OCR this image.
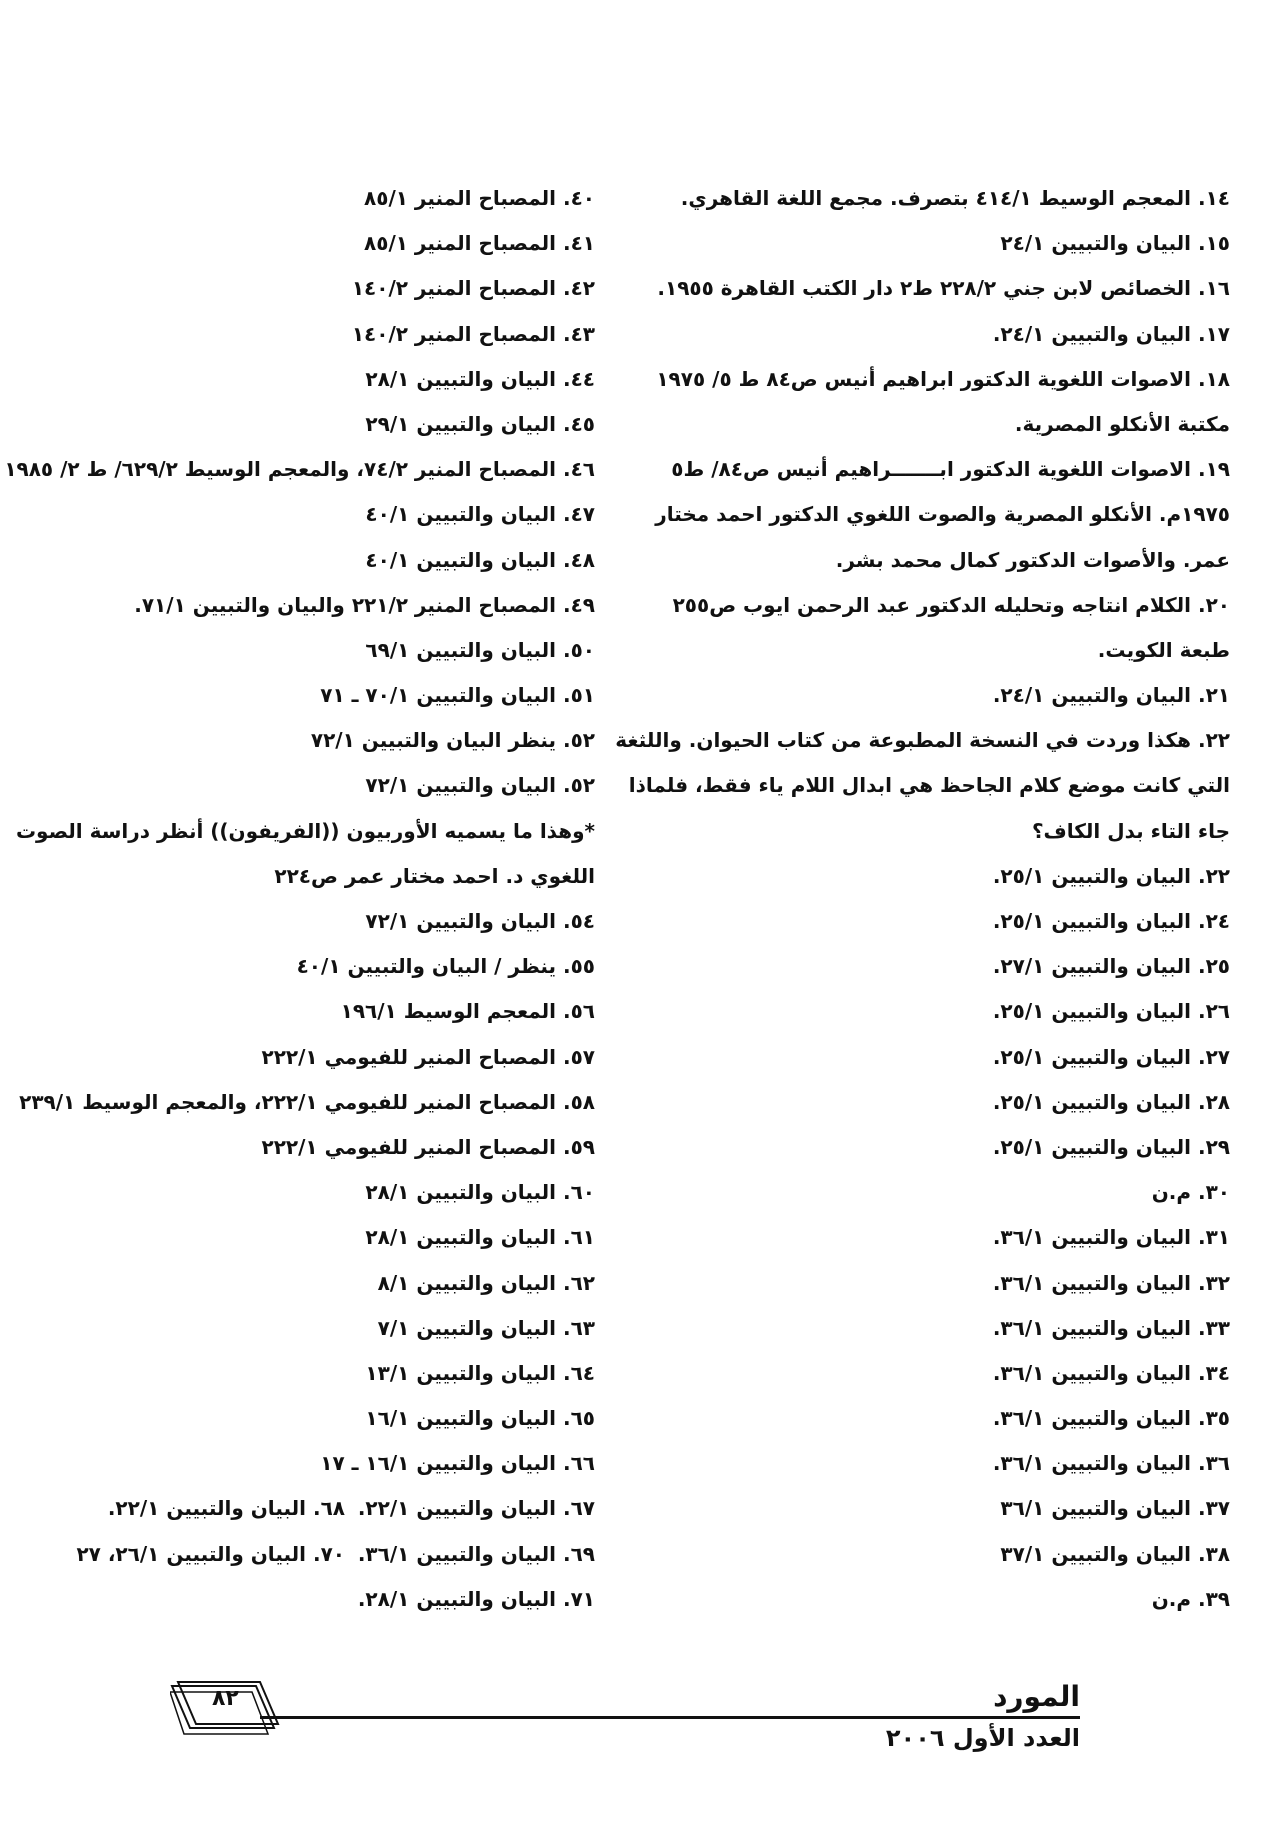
١٤. المعجم الوسيط ٤١٤/١ بتصرف. مجمع اللغة القاهري.
١٥. البيان والتبيين ٢٤/١
١٦. الخصائص لابن جني ٢٢٨/٢ ط٢ دار الكتب القاهرة ١٩٥٥.
١٧. البيان والتبيين ٢٤/١.
١٨. الاصوات اللغوية الدكتور ابراهيم أنيس ص٨٤ ط ٥/ ١٩٧٥
مكتبة الأنكلو المصرية.
١٩. الاصوات اللغوية الدكتور ابـــــــراهيم أنيس ص٨٤/ ط٥
١٩٧٥م. الأنكلو المصرية والصوت اللغوي الدكتور احمد مختار
عمر. والأصوات الدكتور كمال محمد بشر.
٢٠. الكلام انتاجه وتحليله الدكتور عبد الرحمن ايوب ص٢٥٥
طبعة الكويت.
٢١. البيان والتبيين ٢٤/١.
٢٢. هكذا وردت في النسخة المطبوعة من كتاب الحيوان. واللثغة
التي كانت موضع كلام الجاحظ هي ابدال اللام ياء فقط، فلماذا
جاء التاء بدل الكاف؟
٢٢. البيان والتبيين ٢٥/١.
٢٤. البيان والتبيين ٢٥/١.
٢٥. البيان والتبيين ٢٧/١.
٢٦. البيان والتبيين ٢٥/١.
٢٧. البيان والتبيين ٢٥/١.
٢٨. البيان والتبيين ٢٥/١.
٢٩. البيان والتبيين ٢٥/١.
٣٠. م.ن
٣١. البيان والتبيين ٣٦/١.
٣٢. البيان والتبيين ٣٦/١.
٣٣. البيان والتبيين ٣٦/١.
٣٤. البيان والتبيين ٣٦/١.
٣٥. البيان والتبيين ٣٦/١.
٣٦. البيان والتبيين ٣٦/١.
٣٧. البيان والتبيين ٣٦/١
٣٨. البيان والتبيين ٣٧/١
٣٩. م.ن
٤٠. المصباح المنير ٨٥/١
٤١. المصباح المنير ٨٥/١
٤٢. المصباح المنير ١٤٠/٢
٤٣. المصباح المنير ١٤٠/٢
٤٤. البيان والتبيين ٢٨/١
٤٥. البيان والتبيين ٢٩/١
٤٦. المصباح المنير ٧٤/٢، والمعجم الوسيط ٦٢٩/٢/ ط ٢/ ١٩٨٥
٤٧. البيان والتبيين ٤٠/١
٤٨. البيان والتبيين ٤٠/١
٤٩. المصباح المنير ٢٢١/٢ والبيان والتبيين ٧١/١.
٥٠. البيان والتبيين ٦٩/١
٥١. البيان والتبيين ٧٠/١ ـ ٧١
٥٢. ينظر البيان والتبيين ٧٢/١
٥٢. البيان والتبيين ٧٢/١
*وهذا ما يسميه الأوربيون ((الفريفون)) أنظر دراسة الصوت
اللغوي د. احمد مختار عمر ص٢٢٤
٥٤. البيان والتبيين ٧٢/١
٥٥. ينظر / البيان والتبيين ٤٠/١
٥٦. المعجم الوسيط ١٩٦/١
٥٧. المصباح المنير للفيومي ٢٢٢/١
٥٨. المصباح المنير للفيومي ٢٢٢/١، والمعجم الوسيط ٢٣٩/١
٥٩. المصباح المنير للفيومي ٢٢٢/١
٦٠. البيان والتبيين ٢٨/١
٦١. البيان والتبيين ٢٨/١
٦٢. البيان والتبيين ٨/١
٦٣. البيان والتبيين ٧/١
٦٤. البيان والتبيين ١٣/١
٦٥. البيان والتبيين ١٦/١
٦٦. البيان والتبيين ١٦/١ ـ ١٧
٦٧. البيان والتبيين ٢٢/١.
٦٨. البيان والتبيين ٢٢/١.
٦٩. البيان والتبيين ٣٦/١.
٧٠. البيان والتبيين ٢٦/١، ٢٧
٧١. البيان والتبيين ٢٨/١.
٨٢	المورد
العدد الأول ٢٠٠٦
